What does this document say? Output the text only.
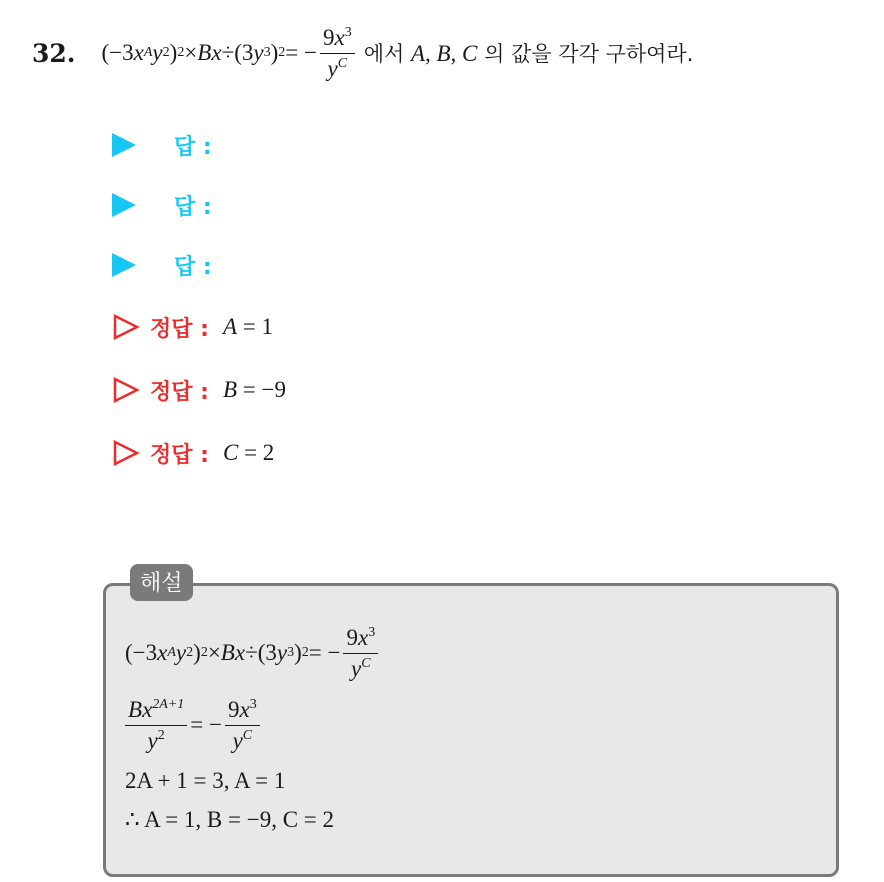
32. (−3 x A y 2 ) 2 × B x ÷ (3 y 3 ) 2 = − $\frac{9x^3}{y^C}$ 에서 A, B, C 의 값을 각각 구하여라.
답 :
답 :
답 :
정답 : A = 1
정답 : B = −9
정답 : C = 2
해설
(−3 x A y 2 ) 2 × B x ÷ (3 y 3 ) 2 = − $\frac{9x^3}{y^C}$
$\frac{Bx^{2A+1}}{y^2}$ = − $\frac{9x^3}{y^C}$
2A + 1 = 3, A = 1
∴ A = 1, B = −9, C = 2
